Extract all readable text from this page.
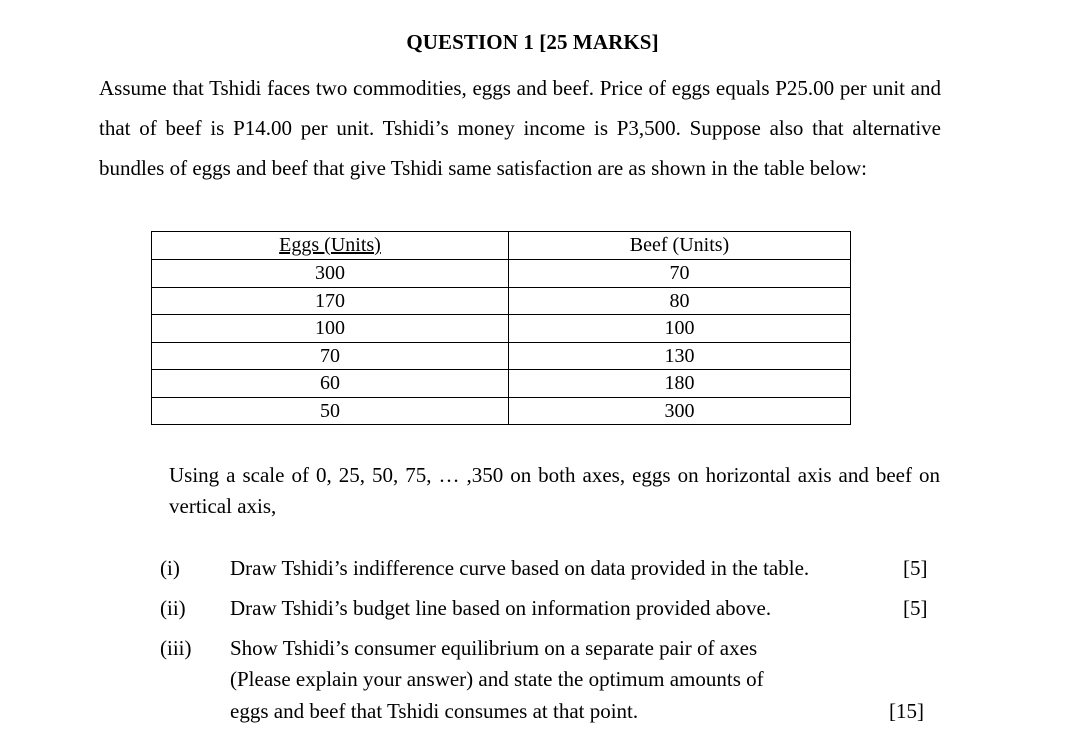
QUESTION 1 [25 MARKS]

Assume that Tshidi faces two commodities, eggs and beef. Price of eggs equals P25.00 per unit and that of beef is P14.00 per unit. Tshidi’s money income is P3,500. Suppose also that alternative bundles of eggs and beef that give Tshidi same satisfaction are as shown in the table below:

Eggs (Units)	Beef (Units)
300	70
170	80
100	100
70	130
60	180
50	300
Using a scale of 0, 25, 50, 75, … ,350 on both axes, eggs on horizontal axis and beef on vertical axis,
(i) Draw Tshidi’s indifference curve based on data provided in the table.	[5]
(ii) Draw Tshidi’s budget line based on information provided above.	[5]
(iii) Show Tshidi’s consumer equilibrium on a separate pair of axes
(Please explain your answer) and state the optimum amounts of
eggs and beef that Tshidi consumes at that point.	[15]
